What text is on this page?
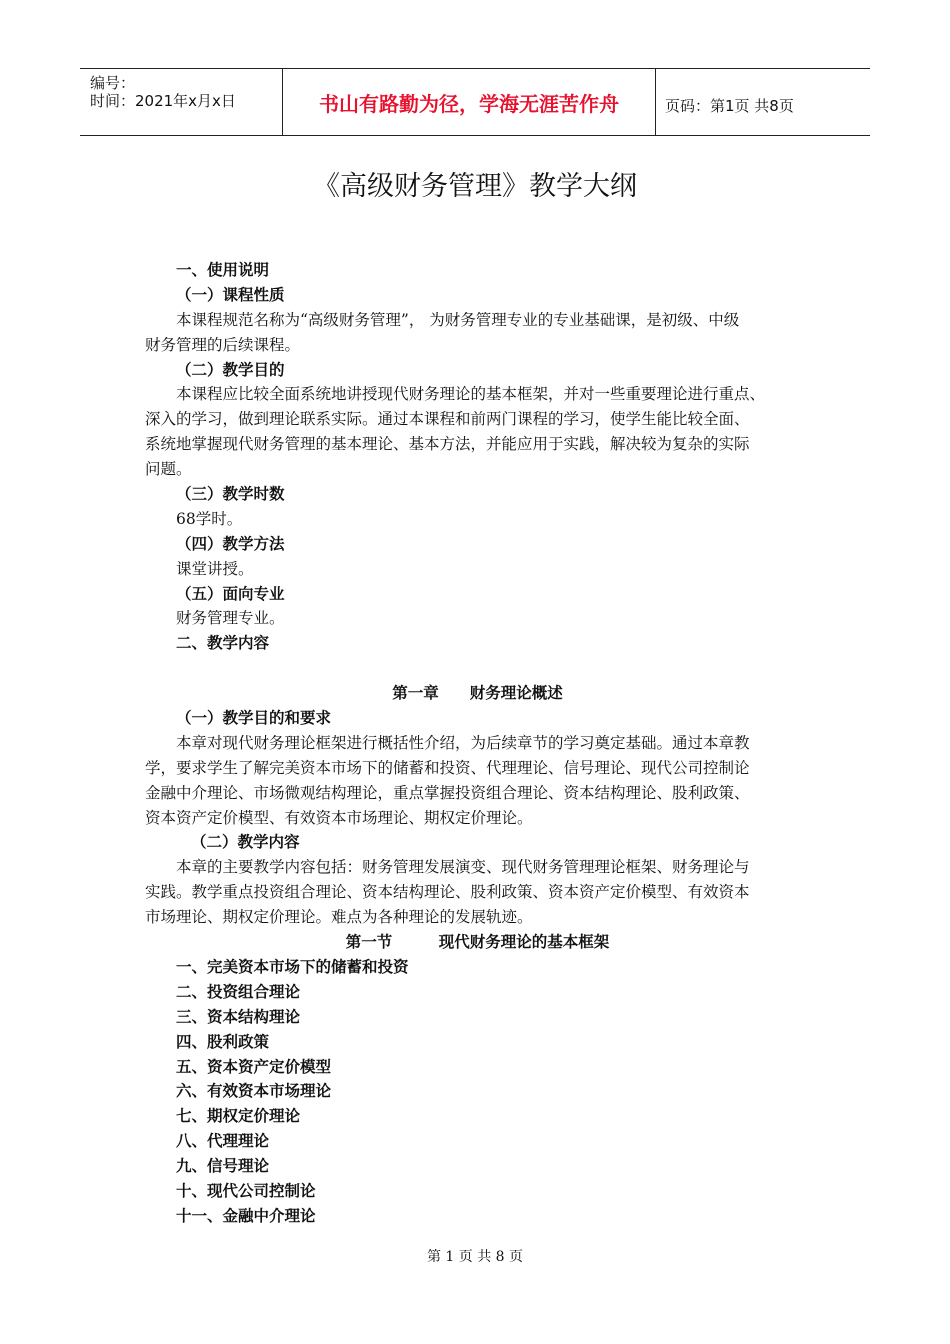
编号：
时间：2021年x月x日	书山有路勤为径，学海无涯苦作舟	页码：第1页 共8页
《高级财务管理》教学大纲
一、使用说明
（一）课程性质
本课程规范名称为“高级财务管理”， 为财务管理专业的专业基础课，是初级、中级
财务管理的后续课程。
（二）教学目的
本课程应比较全面系统地讲授现代财务理论的基本框架，并对一些重要理论进行重点、
深入的学习，做到理论联系实际。通过本课程和前两门课程的学习，使学生能比较全面、
系统地掌握现代财务管理的基本理论、基本方法，并能应用于实践，解决较为复杂的实际
问题。
（三）教学时数
68学时。
（四）教学方法
课堂讲授。
（五）面向专业
财务管理专业。
二、教学内容
第一章　　财务理论概述
（一）教学目的和要求
本章对现代财务理论框架进行概括性介绍，为后续章节的学习奠定基础。通过本章教
学，要求学生了解完美资本市场下的储蓄和投资、代理理论、信号理论、现代公司控制论
金融中介理论、市场微观结构理论，重点掌握投资组合理论、资本结构理论、股利政策、
资本资产定价模型、有效资本市场理论、期权定价理论。
（二）教学内容
本章的主要教学内容包括：财务管理发展演变、现代财务管理理论框架、财务理论与
实践。教学重点投资组合理论、资本结构理论、股利政策、资本资产定价模型、有效资本
市场理论、期权定价理论。难点为各种理论的发展轨迹。
第一节　　　现代财务理论的基本框架
一、完美资本市场下的储蓄和投资
二、投资组合理论
三、资本结构理论
四、股利政策
五、资本资产定价模型
六、有效资本市场理论
七、期权定价理论
八、代理理论
九、信号理论
十、现代公司控制论
十一、金融中介理论
第 1 页 共 8 页
